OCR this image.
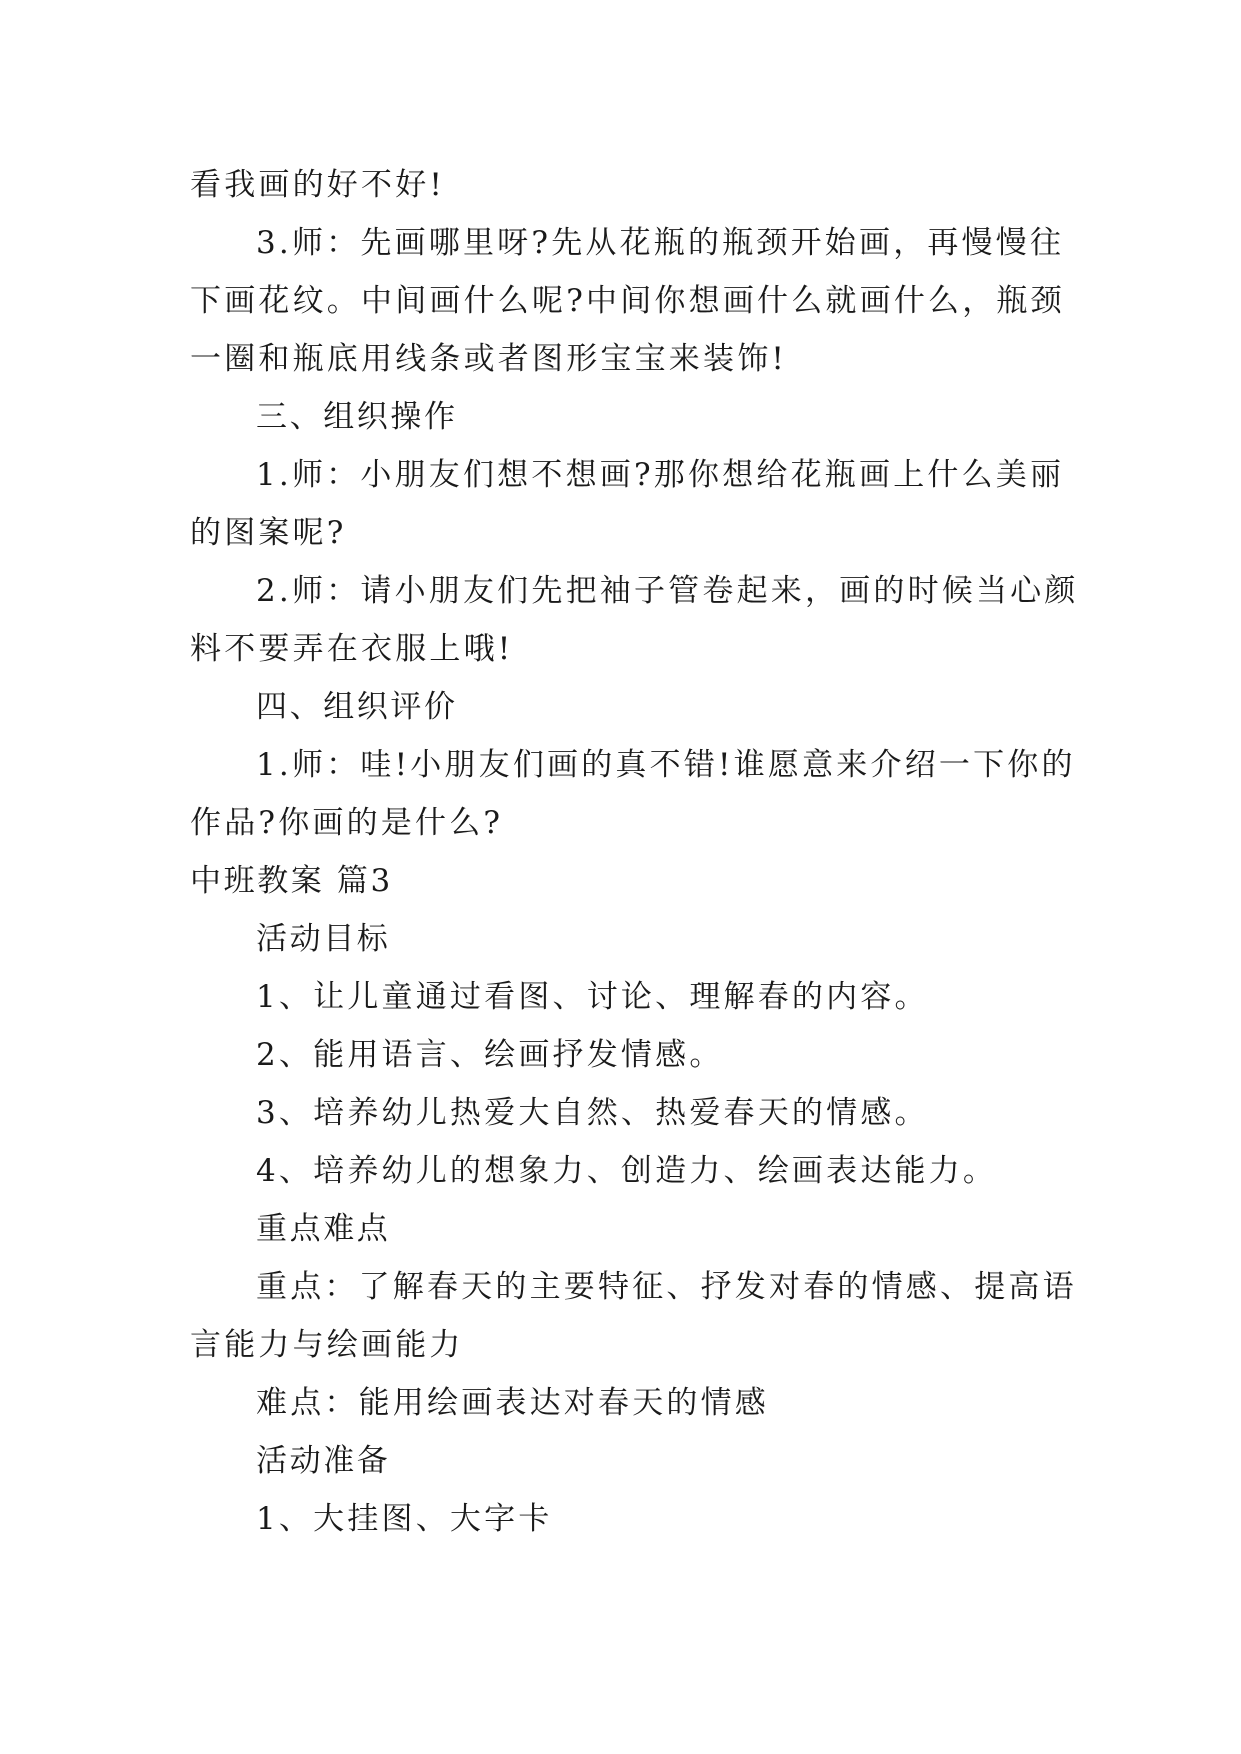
看我画的好不好!
3.师：先画哪里呀?先从花瓶的瓶颈开始画，再慢慢往
下画花纹。中间画什么呢?中间你想画什么就画什么，瓶颈
一圈和瓶底用线条或者图形宝宝来装饰!
三、组织操作
1.师：小朋友们想不想画?那你想给花瓶画上什么美丽
的图案呢?
2.师：请小朋友们先把袖子管卷起来，画的时候当心颜
料不要弄在衣服上哦!
四、组织评价
1.师：哇!小朋友们画的真不错!谁愿意来介绍一下你的
作品?你画的是什么?
中班教案 篇3
活动目标
1、让儿童通过看图、讨论、理解春的内容。
2、能用语言、绘画抒发情感。
3、培养幼儿热爱大自然、热爱春天的情感。
4、培养幼儿的想象力、创造力、绘画表达能力。
重点难点
重点：了解春天的主要特征、抒发对春的情感、提高语
言能力与绘画能力
难点：能用绘画表达对春天的情感
活动准备
1、大挂图、大字卡
